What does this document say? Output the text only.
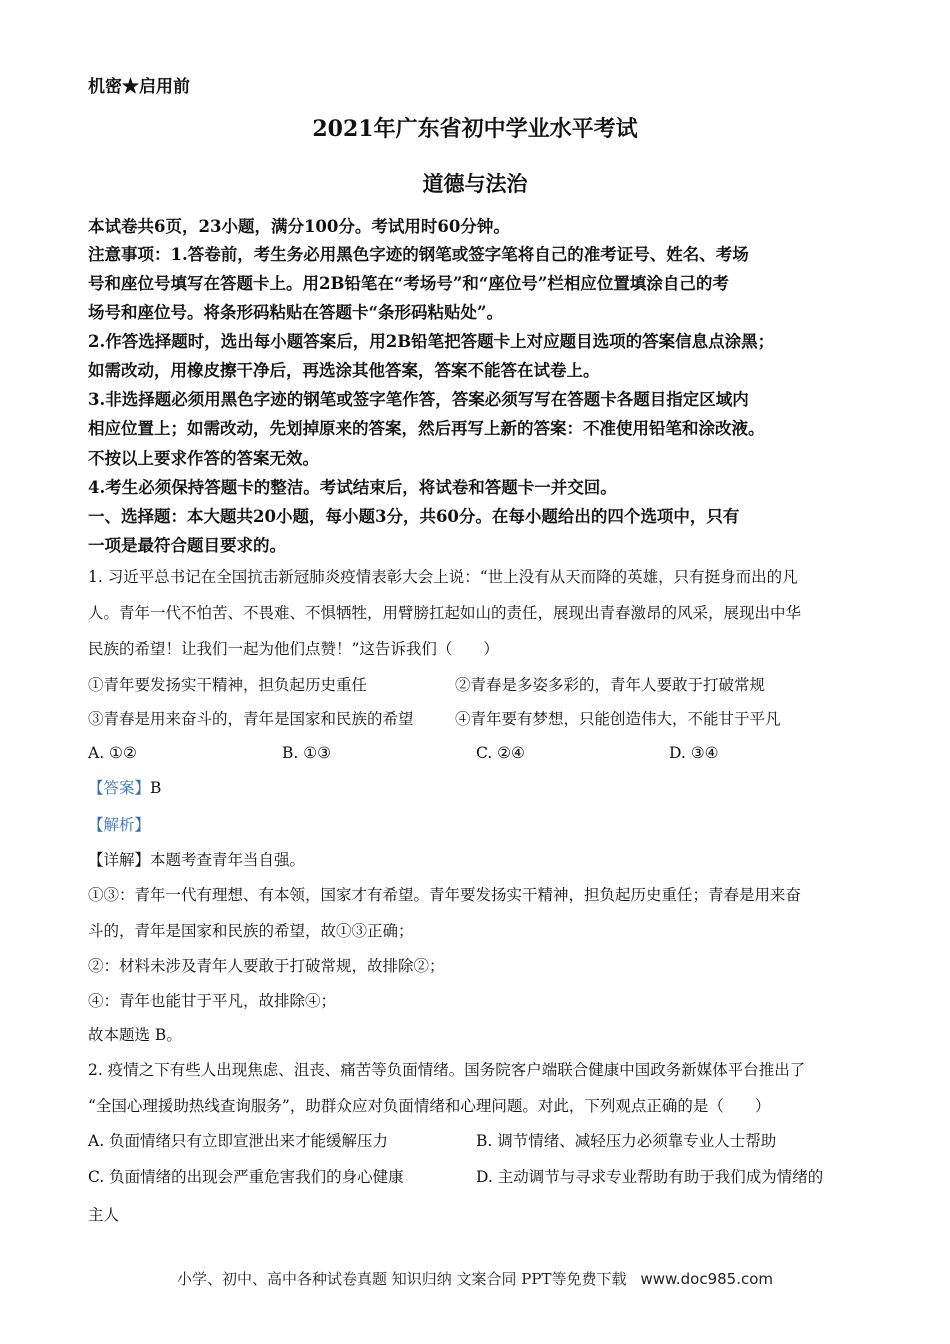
机密★启用前
2021年广东省初中学业水平考试
道德与法治
本试卷共6页，23小题，满分100分。考试用时60分钟。
注意事项：1.答卷前，考生务必用黑色字迹的钢笔或签字笔将自己的准考证号、姓名、考场
号和座位号填写在答题卡上。用2B铅笔在“考场号”和“座位号”栏相应位置填涂自己的考
场号和座位号。将条形码粘贴在答题卡“条形码粘贴处”。
2.作答选择题时，选出每小题答案后，用2B铅笔把答题卡上对应题目选项的答案信息点涂黑；
如需改动，用橡皮擦干净后，再选涂其他答案，答案不能答在试卷上。
3.非选择题必须用黑色字迹的钢笔或签字笔作答，答案必须写写在答题卡各题目指定区域内
相应位置上；如需改动，先划掉原来的答案，然后再写上新的答案：不准使用铅笔和涂改液。
不按以上要求作答的答案无效。
4.考生必须保持答题卡的整洁。考试结束后，将试卷和答题卡一并交回。
一、选择题：本大题共20小题，每小题3分，共60分。在每小题给出的四个选项中，只有
一项是最符合题目要求的。
1. 习近平总书记在全国抗击新冠肺炎疫情表彰大会上说：“世上没有从天而降的英雄，只有挺身而出的凡
人。青年一代不怕苦、不畏难、不惧牺牲，用臂膀扛起如山的责任，展现出青春激昂的风采，展现出中华
民族的希望！让我们一起为他们点赞！”这告诉我们（　　）
①青年要发扬实干精神，担负起历史重任	②青春是多姿多彩的，青年人要敢于打破常规
③青春是用来奋斗的，青年是国家和民族的希望	④青年要有梦想，只能创造伟大，不能甘于平凡
A. ①②	B. ①③	C. ②④	D. ③④
【答案】B
【解析】
【详解】本题考查青年当自强。
①③：青年一代有理想、有本领，国家才有希望。青年要发扬实干精神，担负起历史重任；青春是用来奋
斗的，青年是国家和民族的希望，故①③正确；
②：材料未涉及青年人要敢于打破常规，故排除②；
④：青年也能甘于平凡，故排除④；
故本题选 B。
2. 疫情之下有些人出现焦虑、沮丧、痛苦等负面情绪。国务院客户端联合健康中国政务新媒体平台推出了
“全国心理援助热线查询服务”，助群众应对负面情绪和心理问题。对此，下列观点正确的是（　　）
A. 负面情绪只有立即宣泄出来才能缓解压力	B. 调节情绪、减轻压力必须靠专业人士帮助
C. 负面情绪的出现会严重危害我们的身心健康	D. 主动调节与寻求专业帮助有助于我们成为情绪的
主人
小学、初中、高中各种试卷真题 知识归纳 文案合同 PPT等免费下载 www.doc985.com
